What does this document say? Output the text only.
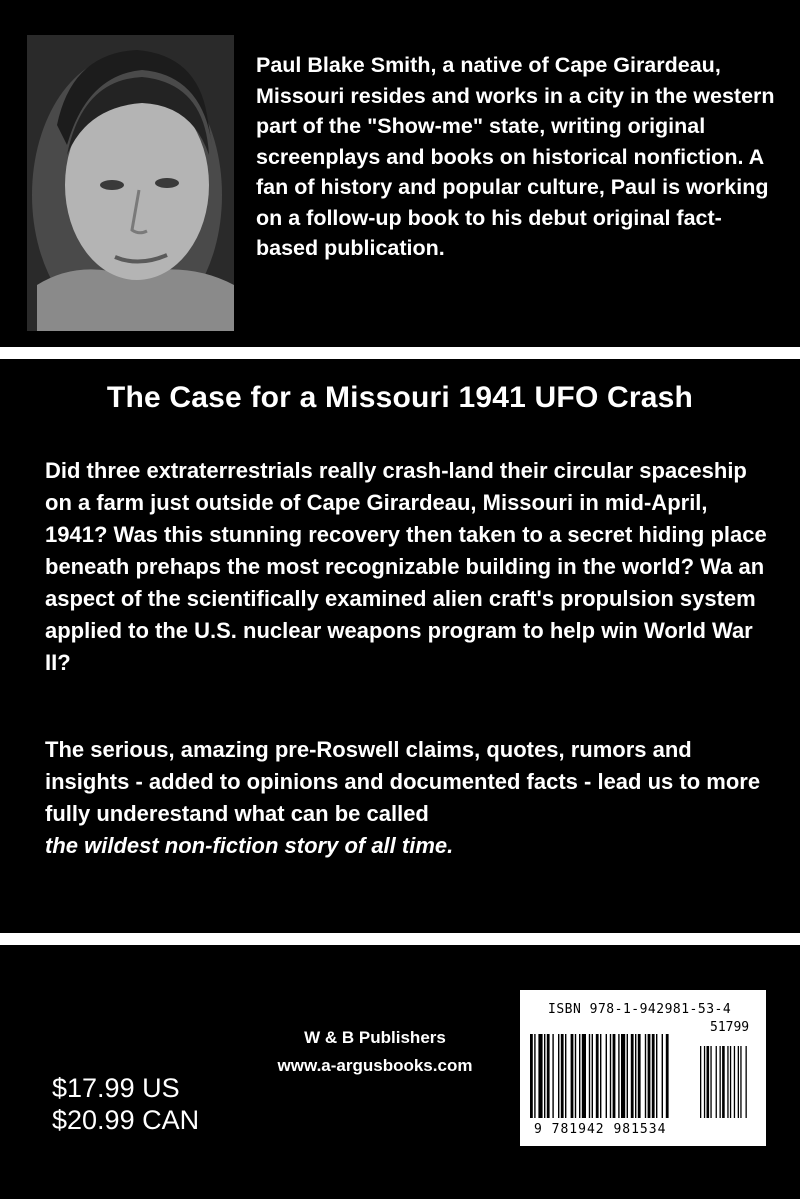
Paul Blake Smith, a native of Cape Girardeau, Missouri resides and works in a city in the western part of the "Show-me" state, writing original screenplays and books on historical nonfiction. A fan of history and popular culture, Paul is working on a follow-up book to his debut original fact-based publication.

The Case for a Missouri 1941 UFO Crash

Did three extraterrestrials really crash-land their circular spaceship on a farm just outside of Cape Girardeau, Missouri in mid-April, 1941? Was this stunning recovery then taken to a secret hiding place beneath prehaps the most recognizable building in the world? Wa an aspect of the scientifically examined alien craft's propulsion system applied to the U.S. nuclear weapons program to help win World War II?

The serious, amazing pre-Roswell claims, quotes, rumors and insights - added to opinions and documented facts - lead us to more fully underestand what can be called
the wildest non-fiction story of all time.

W & B Publishers
www.a-argusbooks.com
$17.99 US
$20.99 CAN
ISBN 978-1-942981-53-4
51799
9 781942 981534
